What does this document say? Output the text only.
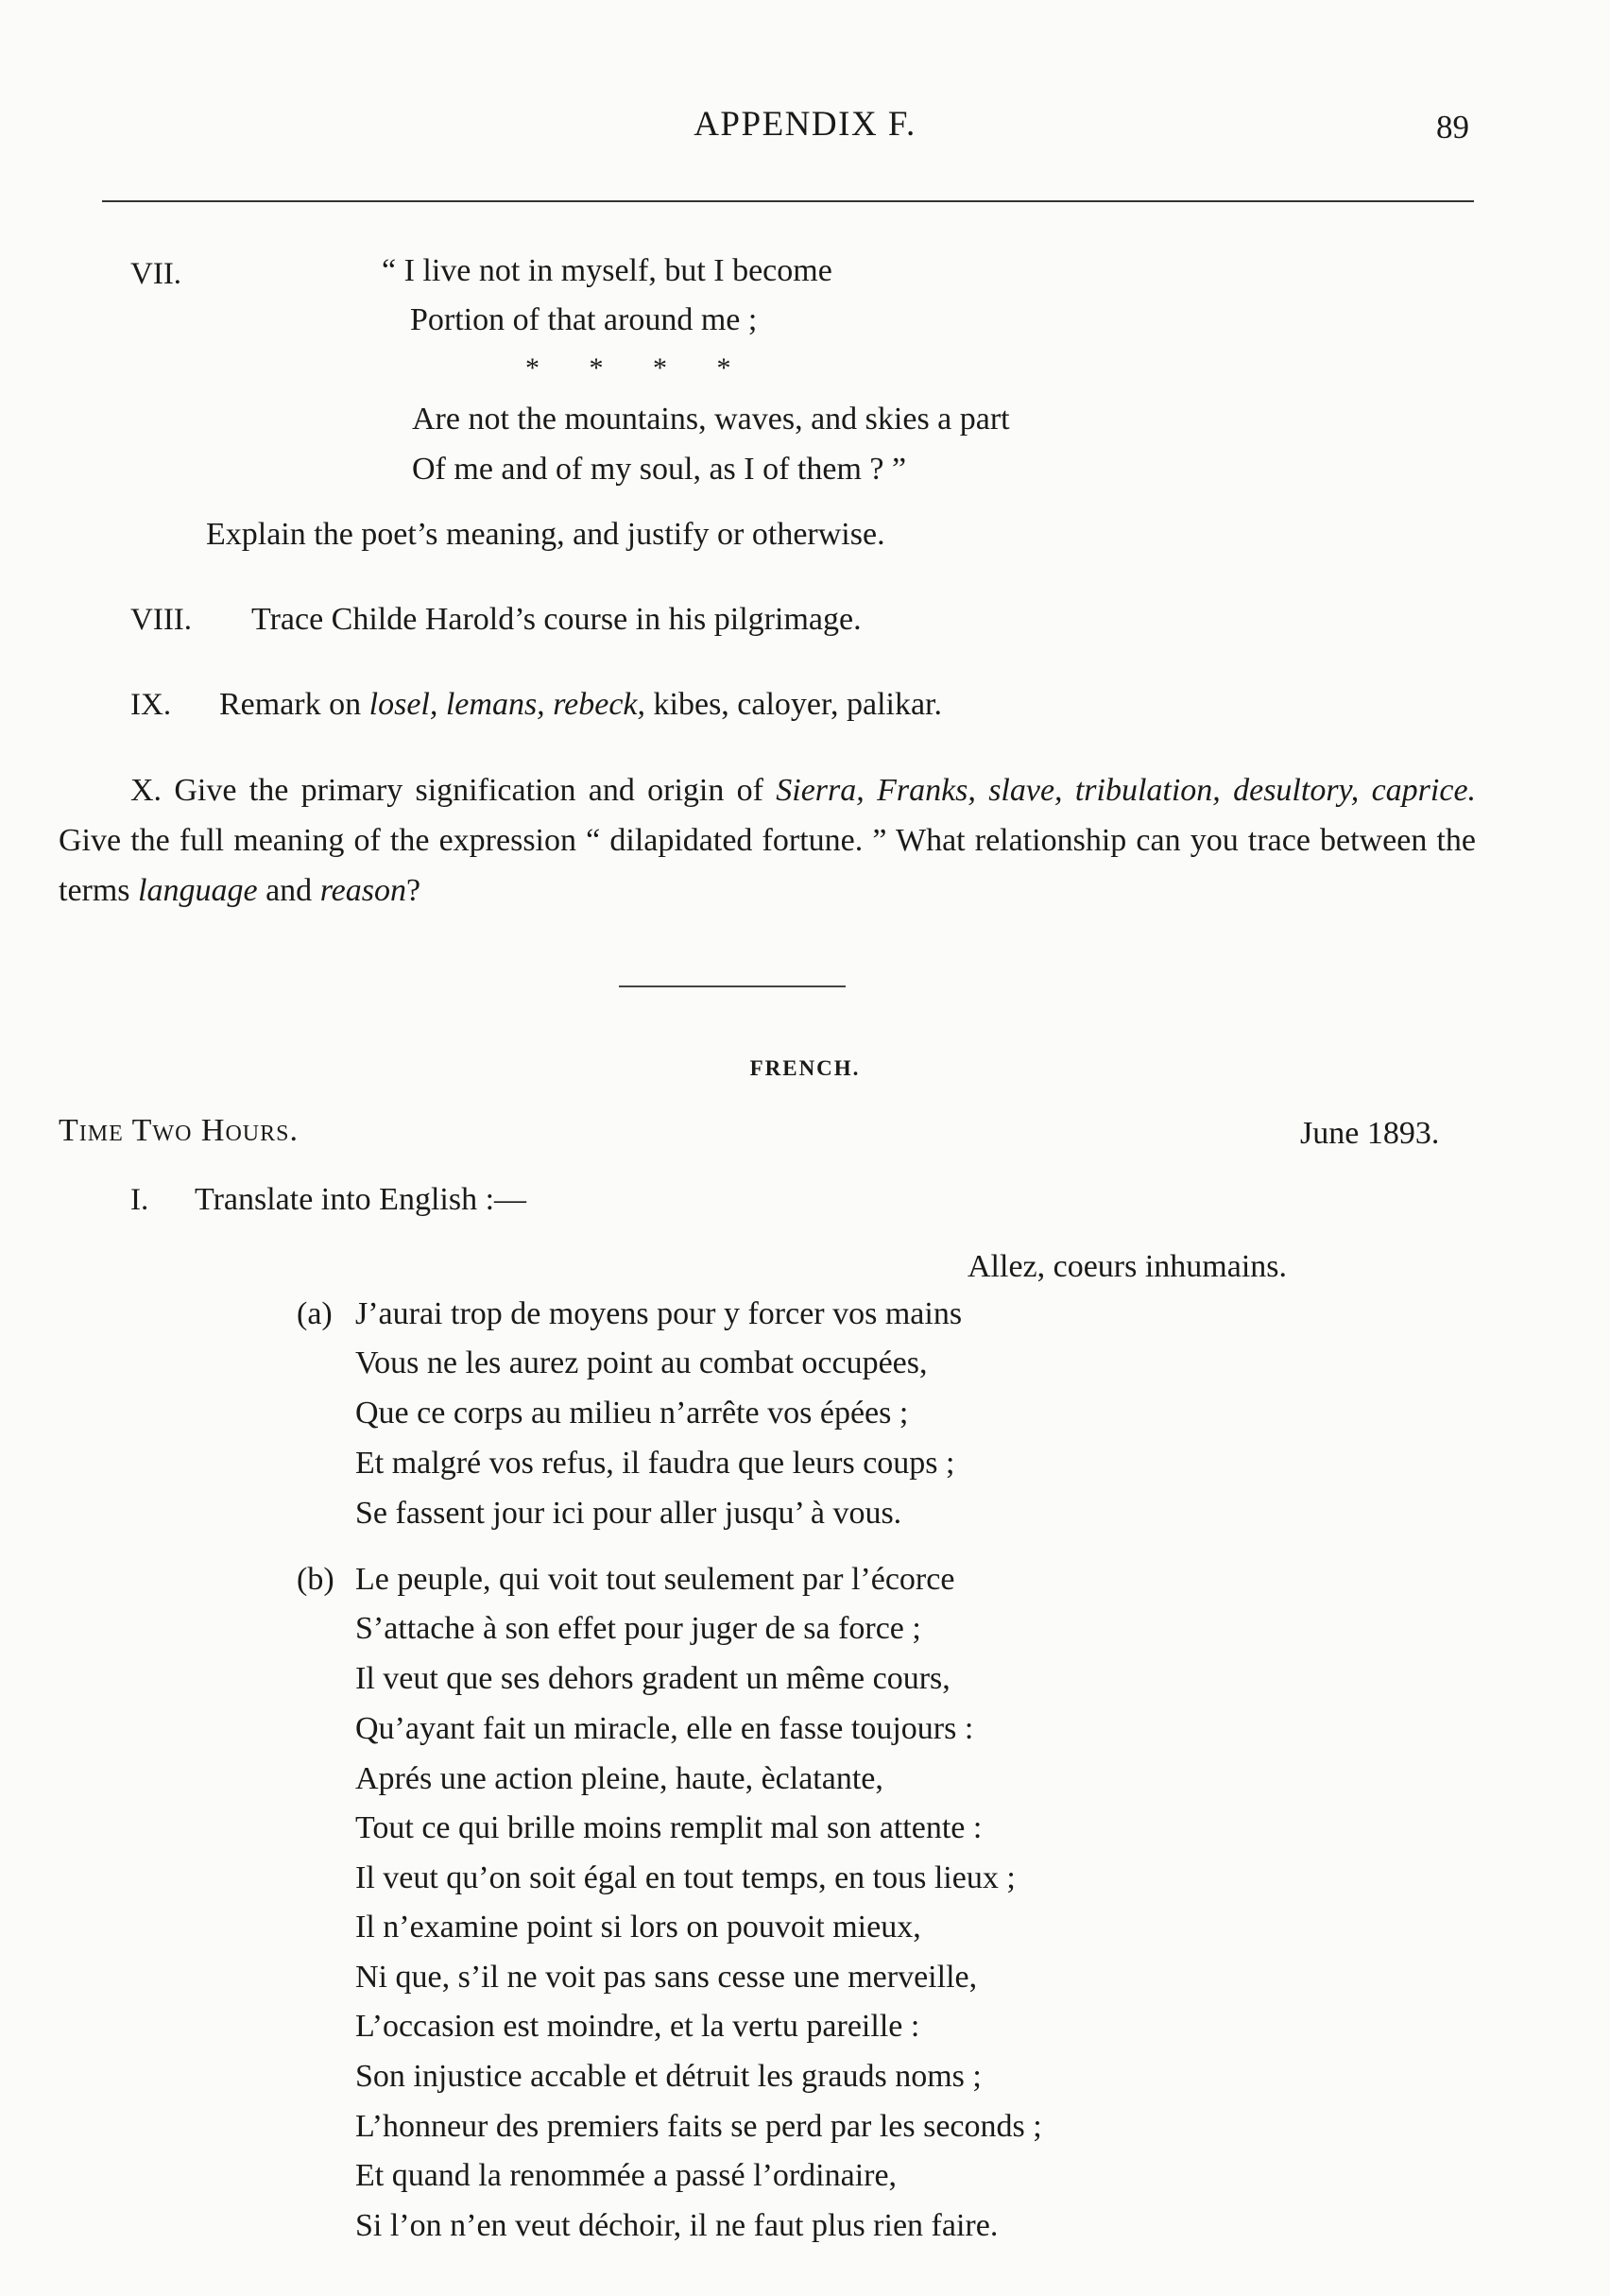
APPENDIX F.	89
VII.	“ I live not in myself, but I become
Portion of that around me ;
*       *       *       *
Are not the mountains, waves, and skies a part
Of me and of my soul, as I of them ? ”
Explain the poet’s meaning, and justify or otherwise.
VIII. Trace Childe Harold’s course in his pilgrimage.
IX. Remark on losel, lemans, rebeck, kibes, caloyer, palikar.
X. Give the primary signification and origin of Sierra, Franks, slave, tribulation, desultory, caprice. Give the full meaning of the expression “ dilapidated fortune. ” What relationship can you trace between the terms language and reason?
FRENCH.
Time Two Hours.	June 1893.
I. Translate into English :—
Allez, coeurs inhumains.
(a) J’aurai trop de moyens pour y forcer vos mains
Vous ne les aurez point au combat occupées,
Que ce corps au milieu n’arrête vos épées ;
Et malgré vos refus, il faudra que leurs coups ;
Se fassent jour ici pour aller jusqu’ à vous.
(b) Le peuple, qui voit tout seulement par l’écorce
S’attache à son effet pour juger de sa force ;
Il veut que ses dehors gradent un même cours,
Qu’ayant fait un miracle, elle en fasse toujours :
Aprés une action pleine, haute, èclatante,
Tout ce qui brille moins remplit mal son attente :
Il veut qu’on soit égal en tout temps, en tous lieux ;
Il n’examine point si lors on pouvoit mieux,
Ni que, s’il ne voit pas sans cesse une merveille,
L’occasion est moindre, et la vertu pareille :
Son injustice accable et détruit les grauds noms ;
L’honneur des premiers faits se perd par les seconds ;
Et quand la renommée a passé l’ordinaire,
Si l’on n’en veut déchoir, il ne faut plus rien faire.
